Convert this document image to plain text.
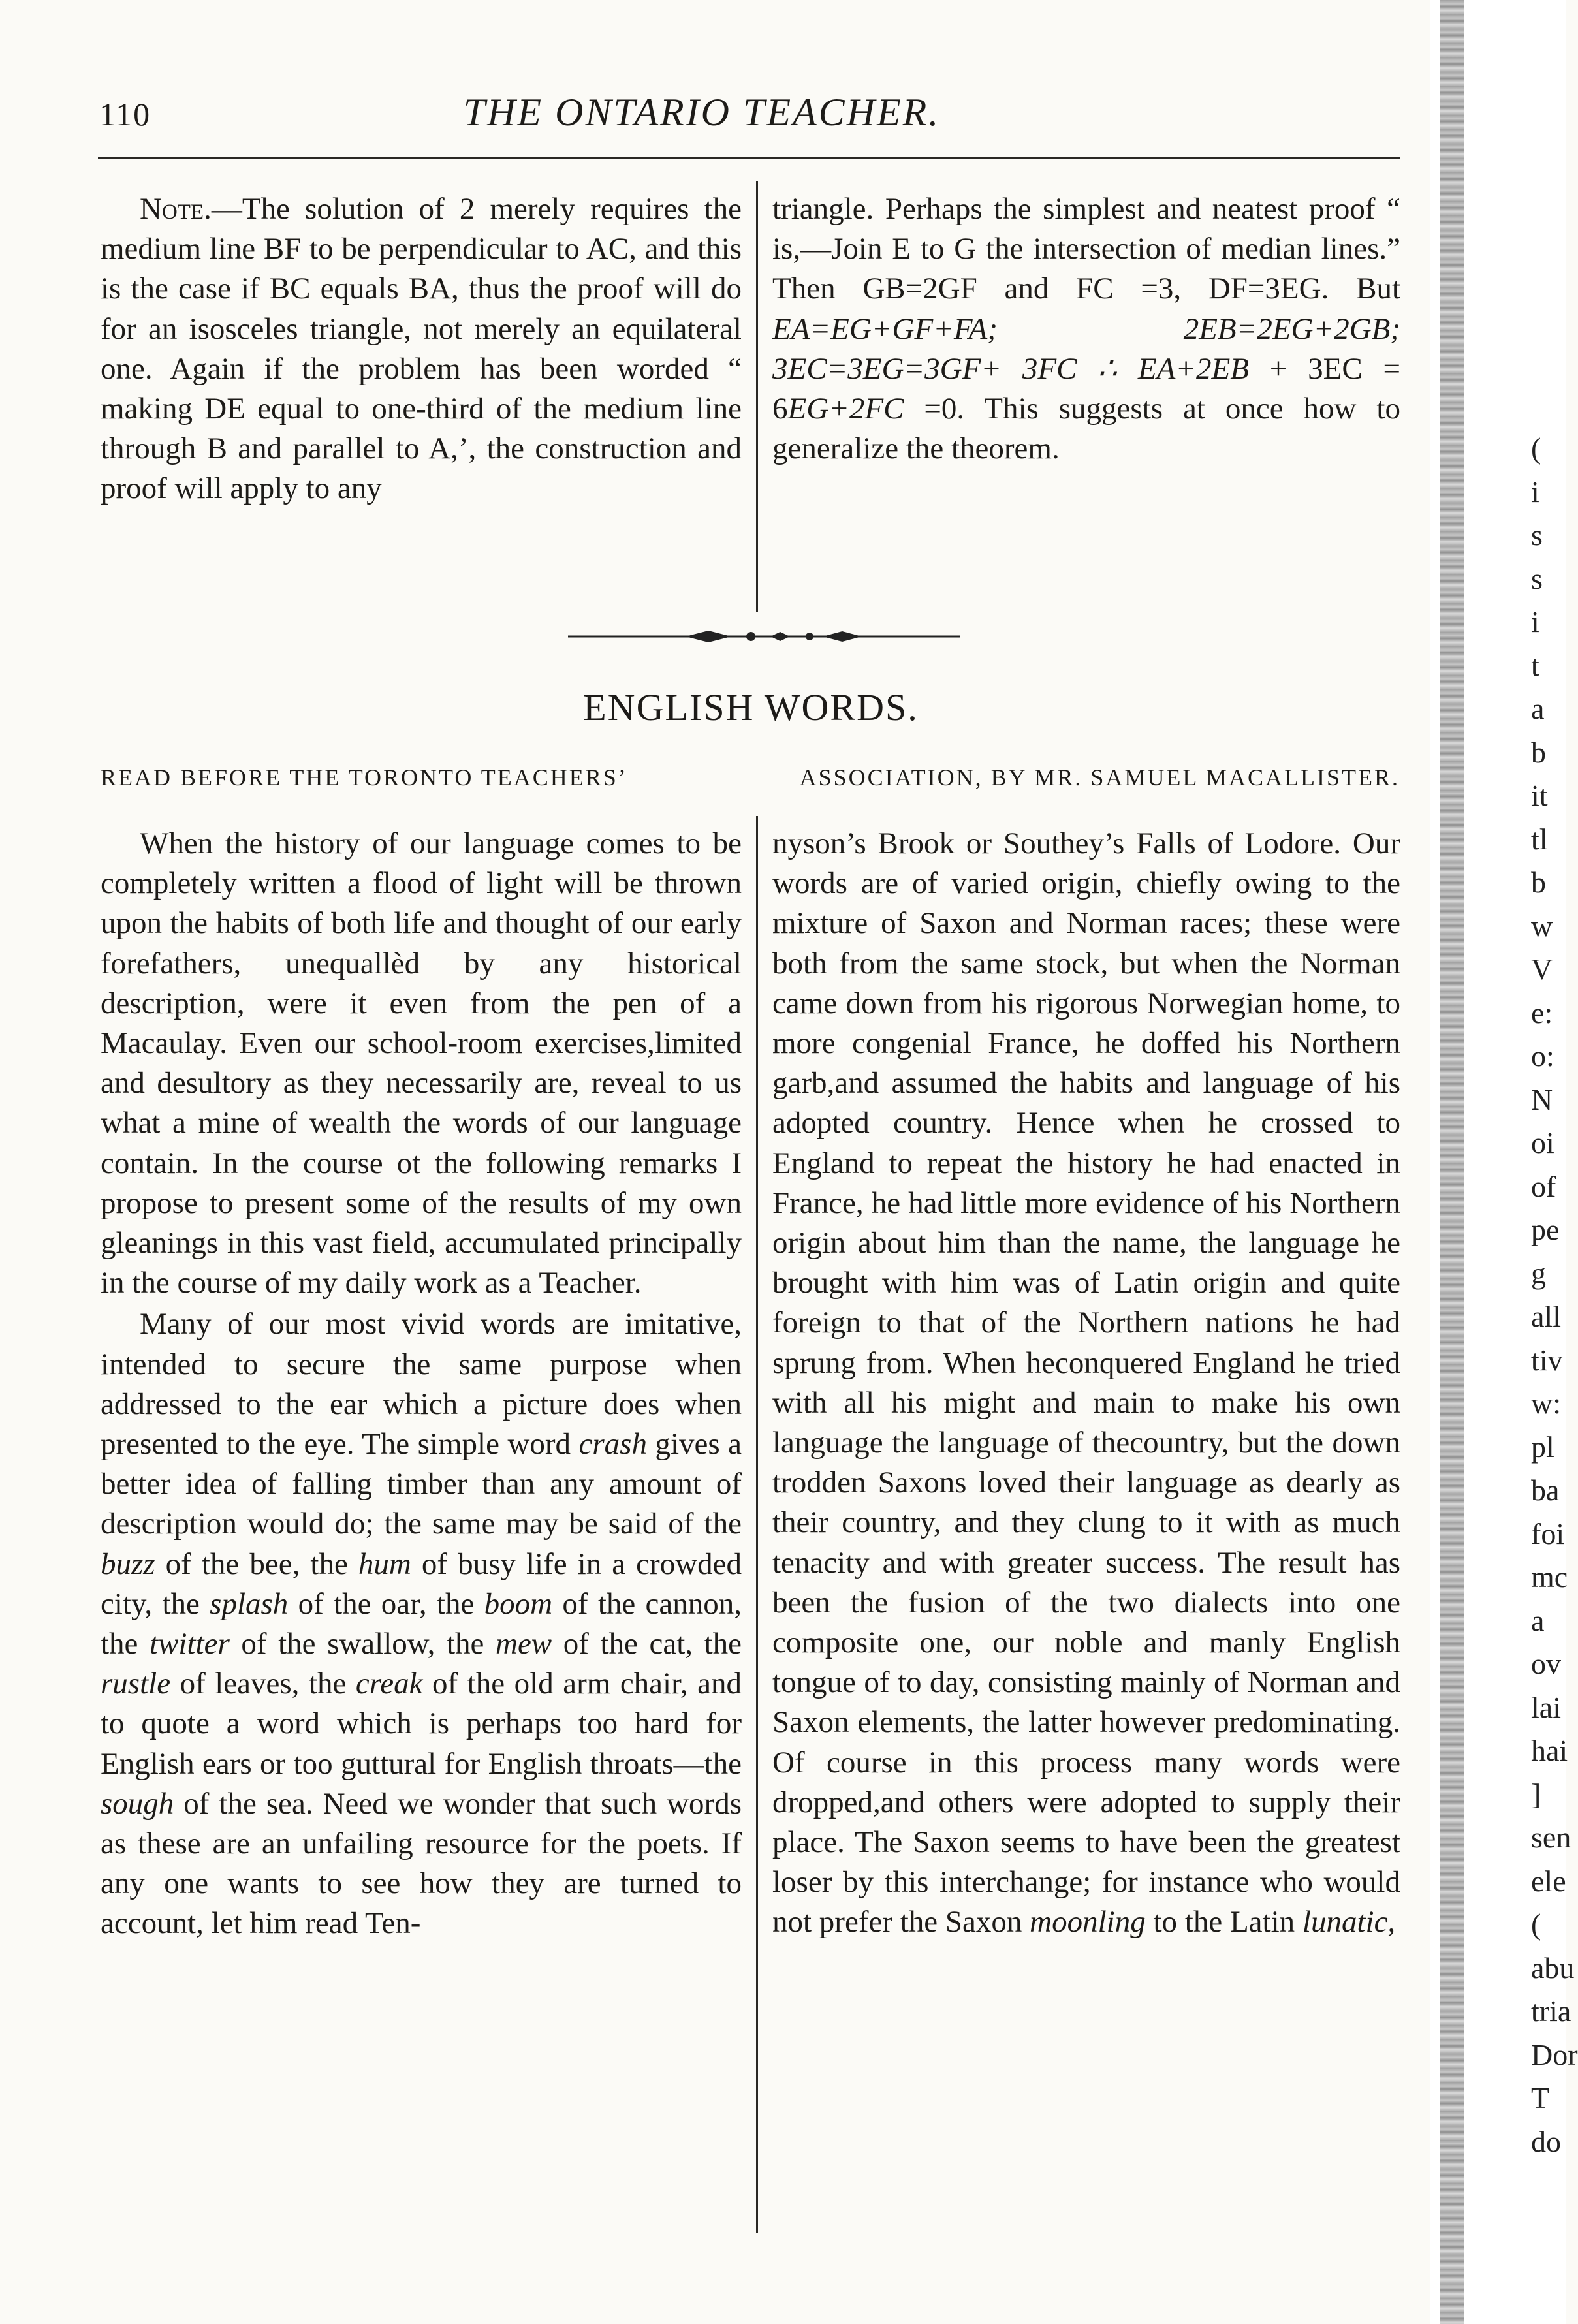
110	THE ONTARIO TEACHER.

Note.—The solution of 2 merely requires the medium line BF to be perpendicular to AC, and this is the case if BC equals BA, thus the proof will do for an isosceles triangle, not merely an equilateral one. Again if the problem has been worded “ making DE equal to one-third of the medium line through B and parallel to A,’, the construction and proof will apply to any

triangle. Perhaps the simplest and neatest proof “ is,—Join E to G the intersection of median lines.” Then GB=2GF and FC =3, DF=3EG. But EA=EG+GF+FA;	2EB=2EG+2GB; 3EC=3EG=3GF+ 3FC ∴ EA+2EB + 3EC = 6EG+2FC =0. This suggests at once how to generalize the theorem.

ENGLISH WORDS.
READ BEFORE THE TORONTO TEACHERS’	ASSOCIATION, BY MR. SAMUEL MACALLISTER.

When the history of our language comes to be completely written a flood of light will be thrown upon the habits of both life and thought of our early forefathers, unequallèd by any historical description, were it even from the pen of a Macaulay. Even our school-room exercises,limited and desultory as they necessarily are, reveal to us what a mine of wealth the words of our language contain. In the course ot the following remarks I propose to present some of the results of my own gleanings in this vast field, accumulated principally in the course of my daily work as a Teacher.

Many of our most vivid words are imitative, intended to secure the same purpose when addressed to the ear which a picture does when presented to the eye. The simple word crash gives a better idea of falling timber than any amount of description would do; the same may be said of the buzz of the bee, the hum of busy life in a crowded city, the splash of the oar, the boom of the cannon, the twitter of the swallow, the mew of the cat, the rustle of leaves, the creak of the old arm chair, and to quote a word which is perhaps too hard for English ears or too guttural for English throats—the sough of the sea. Need we wonder that such words as these are an unfailing resource for the poets. If any one wants to see how they are turned to account, let him read Ten-

nyson’s Brook or Southey’s Falls of Lodore. Our words are of varied origin, chiefly owing to the mixture of Saxon and Norman races; these were both from the same stock, but when the Norman came down from his rigorous Norwegian home, to more congenial France, he doffed his Northern garb,and assumed the habits and language of his adopted country. Hence when he crossed to England to repeat the history he had enacted in France, he had little more evidence of his Northern origin about him than the name, the language he brought with him was of Latin origin and quite foreign to that of the Northern nations he had sprung from. When heconquered England he tried with all his might and main to make his own language the language of thecountry, but the down trodden Saxons loved their language as dearly as their country, and they clung to it with as much tenacity and with greater success. The result has been the fusion of the two dialects into one composite one, our noble and manly English tongue of to day, consisting mainly of Norman and Saxon elements, the latter however predominating. Of course in this process many words were dropped,and others were adopted to supply their place. The Saxon seems to have been the greatest loser by this interchange; for instance who would not prefer the Saxon moonling to the Latin lunatic,

(
i
s
s
i
t
a
b
it
tl
b
w
V
e:
o:
N
oi
of
pe
g
all
tiv
w:
pl
ba
foi
mc
a
ov
lai
hai
]
sen
ele
(
abu
tria
Dor
T
do
